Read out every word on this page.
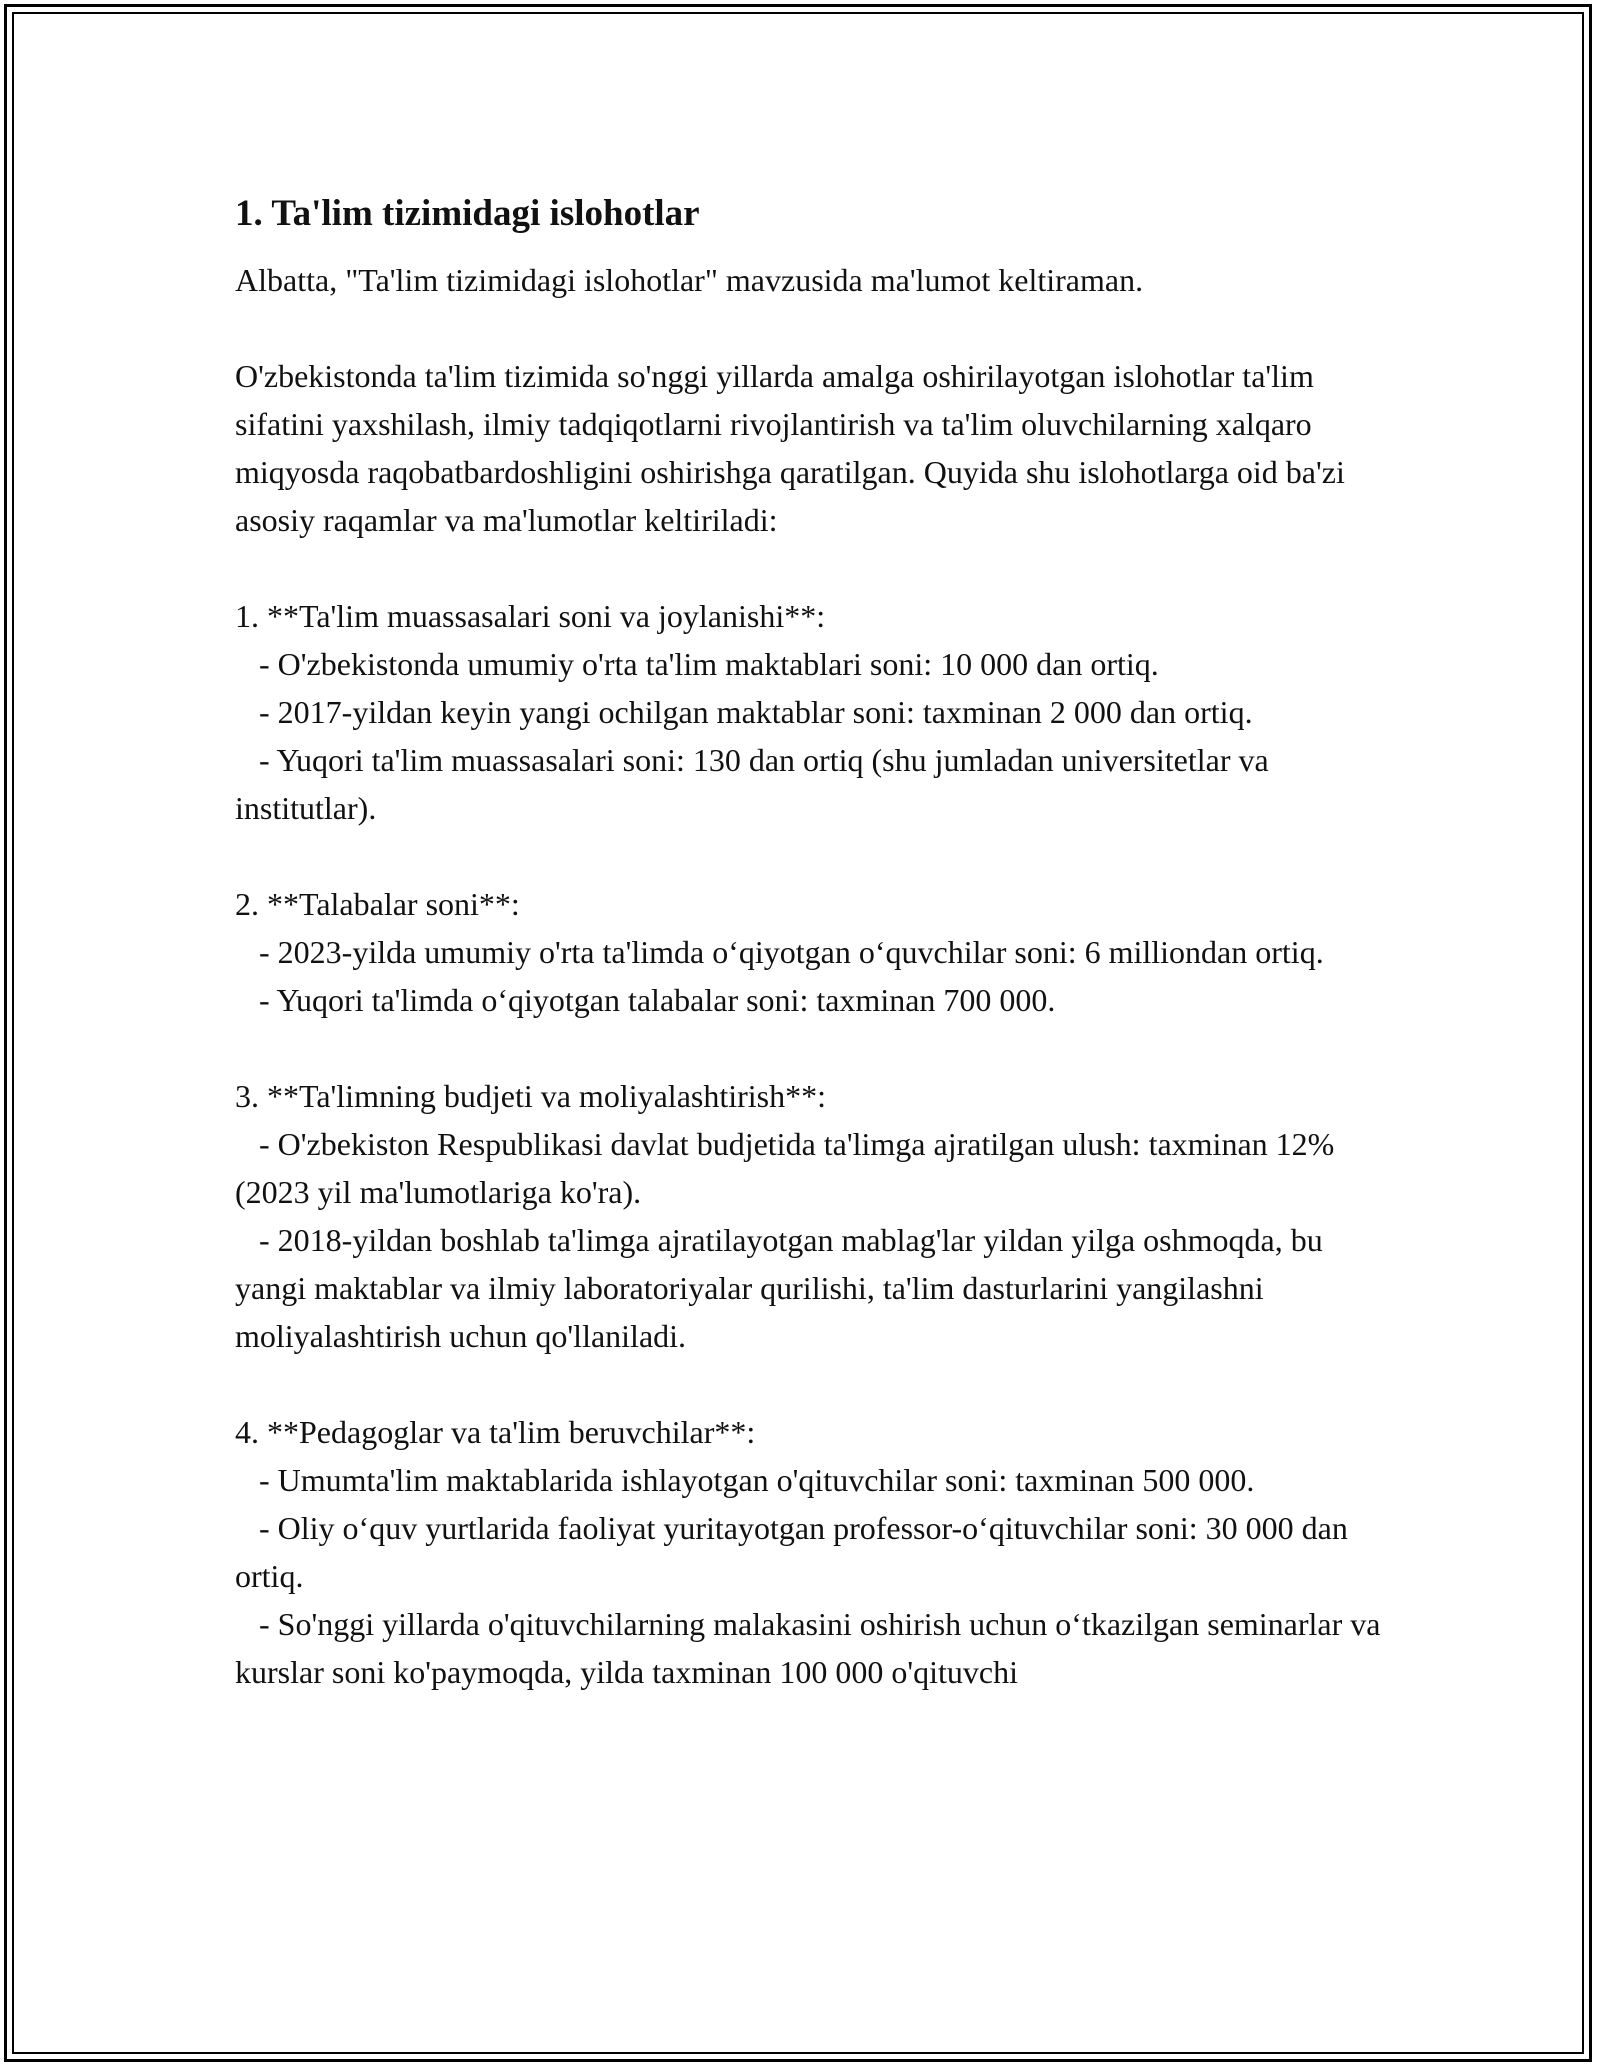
1. Ta'lim tizimidagi islohotlar

Albatta, "Ta'lim tizimidagi islohotlar" mavzusida ma'lumot keltiraman.

O'zbekistonda ta'lim tizimida so'nggi yillarda amalga oshirilayotgan islohotlar ta'lim sifatini yaxshilash, ilmiy tadqiqotlarni rivojlantirish va ta'lim oluvchilarning xalqaro miqyosda raqobatbardoshligini oshirishga qaratilgan. Quyida shu islohotlarga oid ba'zi asosiy raqamlar va ma'lumotlar keltiriladi:

1. **Ta'lim muassasalari soni va joylanishi**:

- O'zbekistonda umumiy o'rta ta'lim maktablari soni: 10 000 dan ortiq.

- 2017-yildan keyin yangi ochilgan maktablar soni: taxminan 2 000 dan ortiq.

- Yuqori ta'lim muassasalari soni: 130 dan ortiq (shu jumladan universitetlar va institutlar).

2. **Talabalar soni**:

- 2023-yilda umumiy o'rta ta'limda o‘qiyotgan o‘quvchilar soni: 6 milliondan ortiq.

- Yuqori ta'limda o‘qiyotgan talabalar soni: taxminan 700 000.

3. **Ta'limning budjeti va moliyalashtirish**:

- O'zbekiston Respublikasi davlat budjetida ta'limga ajratilgan ulush: taxminan 12% (2023 yil ma'lumotlariga ko'ra).

- 2018-yildan boshlab ta'limga ajratilayotgan mablag'lar yildan yilga oshmoqda, bu yangi maktablar va ilmiy laboratoriyalar qurilishi, ta'lim dasturlarini yangilashni moliyalashtirish uchun qo'llaniladi.

4. **Pedagoglar va ta'lim beruvchilar**:

- Umumta'lim maktablarida ishlayotgan o'qituvchilar soni: taxminan 500 000.

- Oliy o‘quv yurtlarida faoliyat yuritayotgan professor-o‘qituvchilar soni: 30 000 dan ortiq.

- So'nggi yillarda o'qituvchilarning malakasini oshirish uchun o‘tkazilgan seminarlar va kurslar soni ko'paymoqda, yilda taxminan 100 000 o'qituvchi
